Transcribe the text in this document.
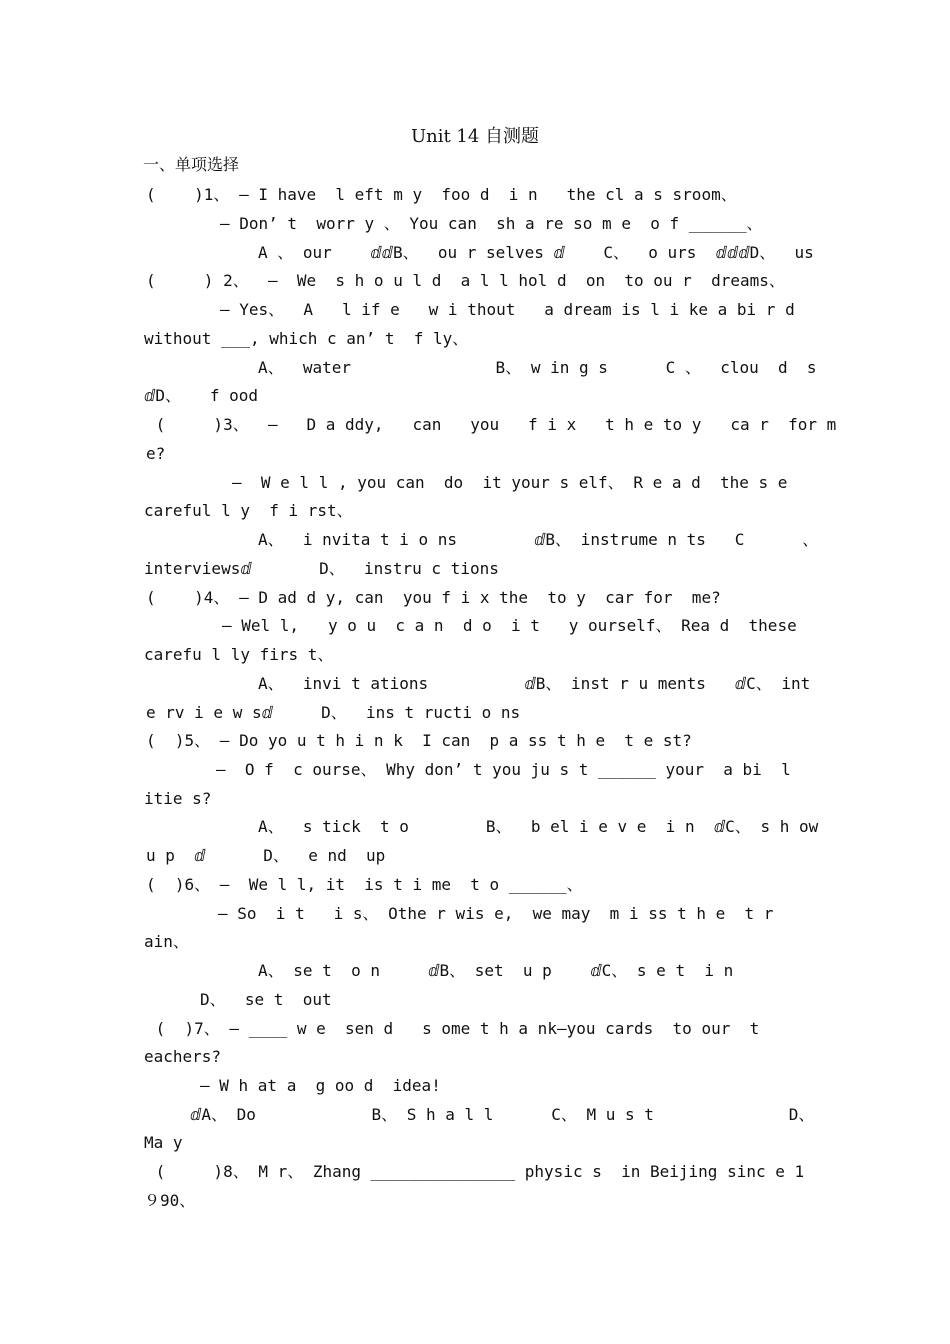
Unit 14 自测题
一、单项选择
(    )1、 — I have  l eft m y  foo d  i n   the cl a s sroom、
— Don’ t  worr y 、 You can  sh a re so m e  o f ______、
A 、 our    ⅆⅆB、  ou r selves ⅆ    C、  o urs  ⅆⅆⅆD、  us
(     ) 2、  —  We  s h o u l d  a l l hol d  on  to ou r  dreams、
— Yes、  A   l if e   w i thout   a dream is l i ke a bi r d
without ___, which c an’ t  f ly、
A、  water               B、 w in g s      C 、  clou  d  s
ⅆD、   f ood
(     )3、  —   D a ddy,   can   you   f i x   t h e to y   ca r  for m
e?
—  W e l l , you can  do  it your s elf、 R e a d  the s e
careful l y  f i rst、
A、  i nvita t i o ns        ⅆB、 instrume n ts   C      、
interviewsⅆ       D、  instru c tions
(    )4、 — D ad d y, can  you f i x the  to y  car for  me?
— Wel l,   y o u  c a n  d o  i t   y ourself、 Rea d  these
carefu l ly firs t、
A、  invi t ations          ⅆB、 inst r u ments   ⅆC、 int
e rv i e w sⅆ     D、  ins t ructi o ns
(  )5、 — Do yo u t h i n k  I can  p a ss t h e  t e st?
—  O f  c ourse、 Why don’ t you ju s t ______ your  a bi  l
itie s?
A、  s tick  t o        B、  b el i e v e  i n  ⅆC、 s h ow
u p  ⅆ      D、  e nd  up
(  )6、 —  We l l, it  is t i me  t o ______、
— So  i t   i s、 Othe r wis e,  we may  m i ss t h e  t r
ain、
A、 se t  o n     ⅆB、 set  u p    ⅆC、 s e t  i n
D、  se t  out
(  )7、 — ____ w e  sen d   s ome t h a nk—you cards  to our  t
eachers?
— W h at a  g oo d  idea!
ⅆA、 Do            B、 S h a l l      C、 M u s t              D、
Ma y
(     )8、 M r、 Zhang _______________ physic s  in Beijing sinc e 1
９90、
